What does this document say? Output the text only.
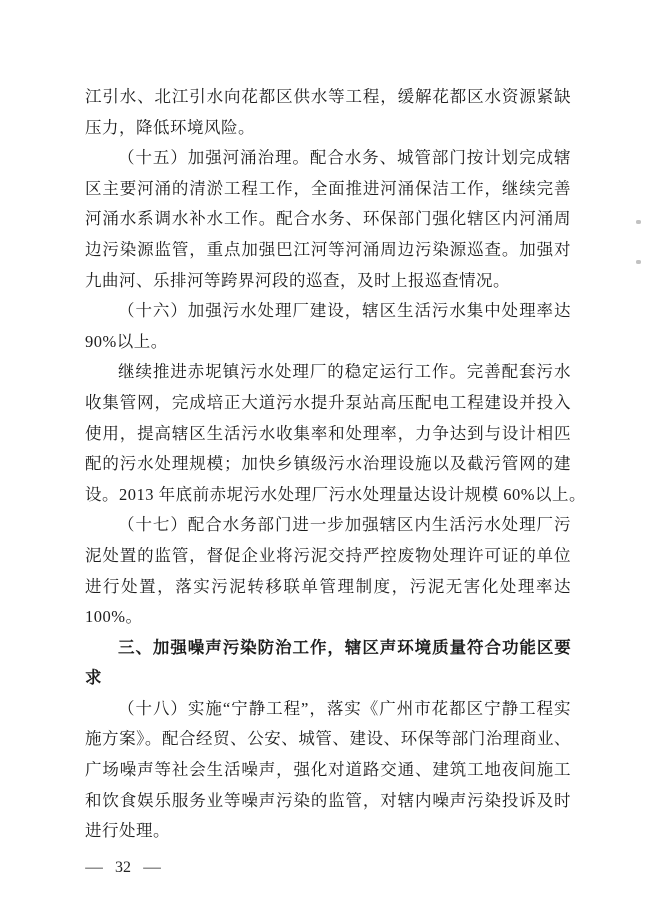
江引水、北江引水向花都区供水等工程，缓解花都区水资源紧缺
压力，降低环境风险。
（十五）加强河涌治理。配合水务、城管部门按计划完成辖
区主要河涌的清淤工程工作，全面推进河涌保洁工作，继续完善
河涌水系调水补水工作。配合水务、环保部门强化辖区内河涌周
边污染源监管，重点加强巴江河等河涌周边污染源巡查。加强对
九曲河、乐排河等跨界河段的巡查，及时上报巡查情况。
（十六）加强污水处理厂建设，辖区生活污水集中处理率达
90%以上。
继续推进赤坭镇污水处理厂的稳定运行工作。完善配套污水
收集管网，完成培正大道污水提升泵站高压配电工程建设并投入
使用，提高辖区生活污水收集率和处理率，力争达到与设计相匹
配的污水处理规模；加快乡镇级污水治理设施以及截污管网的建
设。2013 年底前赤坭污水处理厂污水处理量达设计规模 60%以上。
（十七）配合水务部门进一步加强辖区内生活污水处理厂污
泥处置的监管，督促企业将污泥交持严控废物处理许可证的单位
进行处置，落实污泥转移联单管理制度，污泥无害化处理率达
100%。
三、加强噪声污染防治工作，辖区声环境质量符合功能区要
求
（十八）实施“宁静工程”，落实《广州市花都区宁静工程实
施方案》。配合经贸、公安、城管、建设、环保等部门治理商业、
广场噪声等社会生活噪声，强化对道路交通、建筑工地夜间施工
和饮食娱乐服务业等噪声污染的监管，对辖内噪声污染投诉及时
进行处理。
— 32 —
